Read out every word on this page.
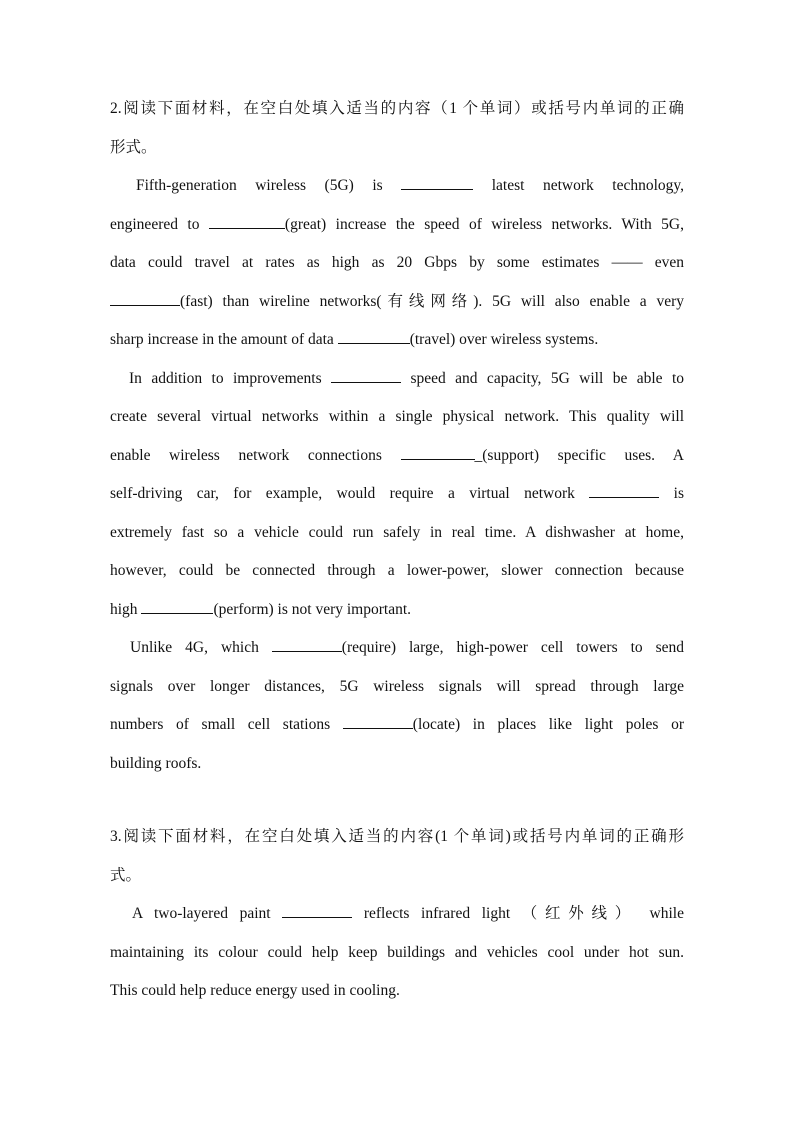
2.阅读下面材料，在空白处填入适当的内容（1 个单词）或括号内单词的正确
形式。
Fifth-generation wireless (5G) is	latest network technology,
engineered to	(great) increase the speed of wireless networks. With 5G,
data could travel at rates as high as 20 Gbps by some estimates —— even
(fast) than wireline networks(有线网络). 5G will also enable a very
sharp increase in the amount of data	(travel) over wireless systems.
In addition to improvements	speed and capacity, 5G will be able to
create several virtual networks within a single physical network. This quality will
enable wireless network connections	_(support) specific uses. A
self-driving car, for example, would require a virtual network	is
extremely fast so a vehicle could run safely in real time. A dishwasher at home,
however, could be connected through a lower-power, slower connection because
high	(perform) is not very important.
Unlike 4G, which	(require) large, high-power cell towers to send
signals over longer distances, 5G wireless signals will spread through large
numbers of small cell stations	(locate) in places like light poles or
building roofs.
3.阅读下面材料，在空白处填入适当的内容(1 个单词)或括号内单词的正确形
式。
A two-layered paint	reflects infrared light （红外线） while
maintaining its colour could help keep buildings and vehicles cool under hot sun.
This could help reduce energy used in cooling.
